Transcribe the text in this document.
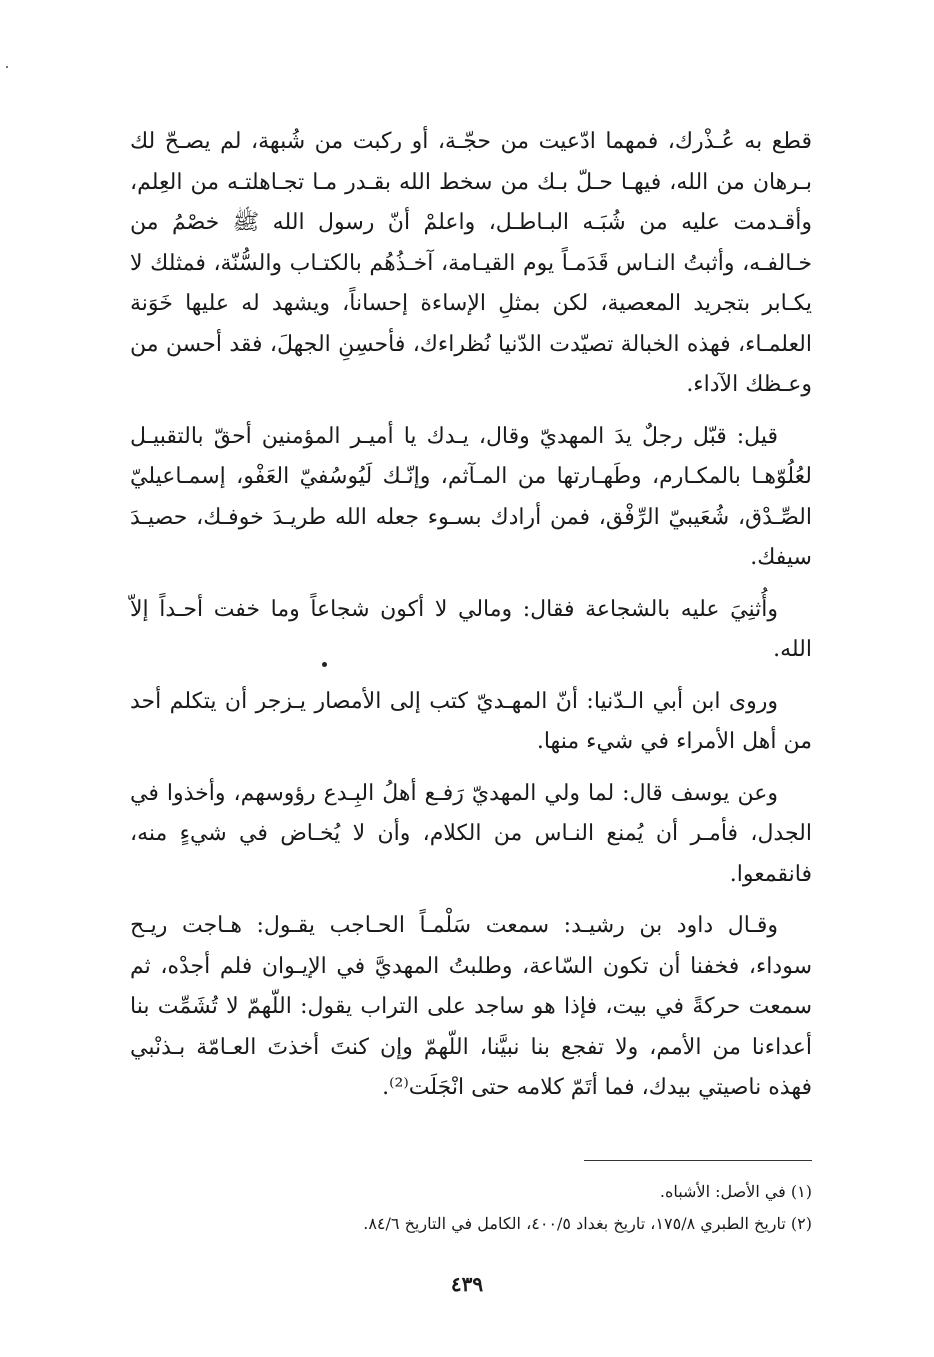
قطع به عُـذْرك، فمهما ادّعيت من حجّـة، أو ركبت من شُبهة، لم يصـحّ لك بـرهان من الله، فيهـا حـلّ بـك من سخط الله بقـدر مـا تجـاهلتـه من العِلم، وأقـدمت عليه من شُبَـه البـاطـل، واعلمْ أنّ رسول الله ﷺ خصْمُ من خـالفـه، وأثبتُ النـاس قَدَمـاً يوم القيـامة، آخـذُهُم بالكتـاب والسُّنّة، فمثلك لا يكـابر بتجريد المعصية، لكن بمثلِ الإساءة إحساناً، ويشهد له عليها خَوَنة العلمـاء، فهذه الخبالة تصيّدت الدّنيا نُظراءك، فأحسِنِ الجهلَ، فقد أحسن من وعـظك الآداء.

قيل: قبّل رجلٌ يدَ المهديّ وقال، يـدك يا أميـر المؤمنين أحقّ بالتقبيـل لعُلُوّهـا بالمكـارم، وطَهـارتها من المـآثم، وإنّـك لَيُوسُفيّ العَفْو، إسمـاعيليّ الصِّـدْق، شُعَيبيّ الرِّفْق، فمن أرادك بسـوء جعله الله طريـدَ خوفـك، حصيـدَ سيفك.

وأُثنِيَ عليه بالشجاعة فقال: ومالي لا أكون شجاعاً وما خفت أحـداً إلاّ الله.

وروى ابن أبي الـدّنيا: أنّ المهـديّ كتب إلى الأمصار يـزجر أن يتكلم أحد من أهل الأمراء في شيء منها.

وعن يوسف قال: لما ولي المهديّ رَفـع أهلُ البِـدع رؤوسهم، وأخذوا في الجدل، فأمـر أن يُمنع النـاس من الكلام، وأن لا يُخـاض في شيءٍ منه، فانقمعوا.

وقـال داود بن رشيـد: سمعت سَلْمـاً الحـاجب يقـول: هـاجت ريـح سوداء، فخفنا أن تكون السّاعة، وطلبتُ المهديَّ في الإيـوان فلم أجدْه، ثم سمعت حركةً في بيت، فإذا هو ساجد على التراب يقول: اللّهمّ لا تُشَمِّت بنا أعداءنا من الأمم، ولا تفجع بنا نبيَّنا، اللّهمّ وإن كنتَ أخذتَ العـامّة بـذنْبي فهذه ناصيتي بيدك، فما أتَمّ كلامه حتى انْجَلَت⁽²⁾.

(١) في الأصل: الأشباه.

(٢) تاريخ الطبري ١٧٥/٨، تاريخ بغداد ٤٠٠/٥، الكامل في التاريخ ٨٤/٦.

٤٣٩
